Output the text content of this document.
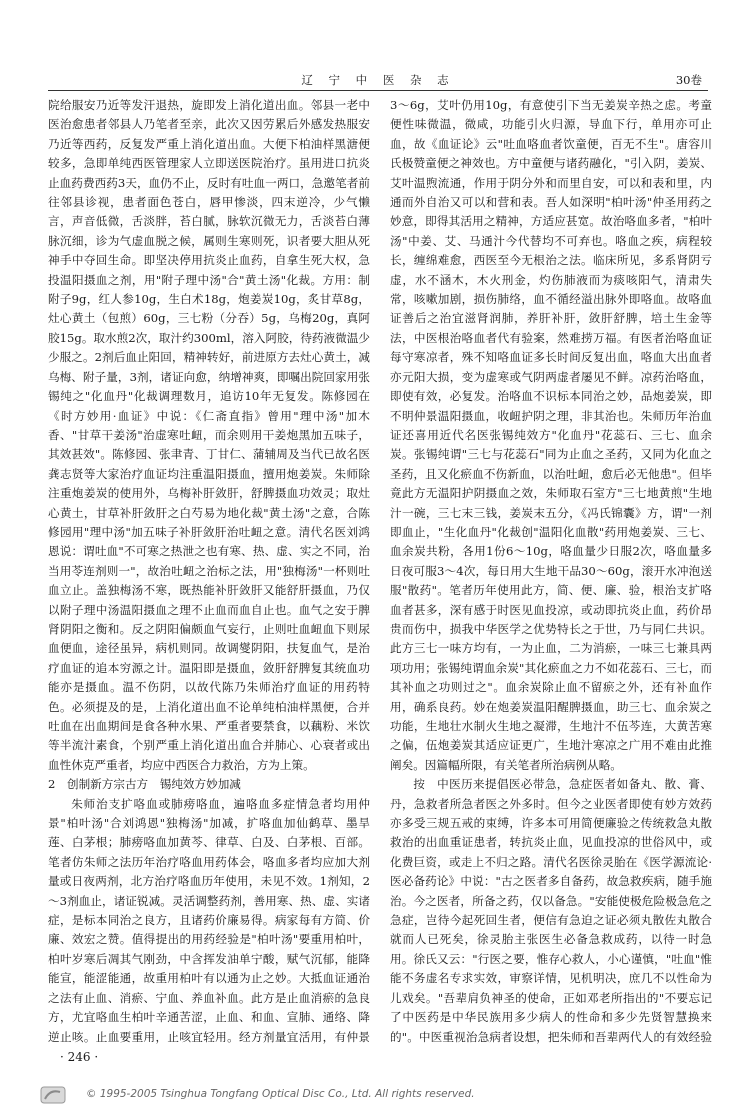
辽 宁 中 医 杂 志	30卷

院给服安乃近等发汗退热，旋即发上消化道出血。邻县一老中医治愈患者邻县人乃笔者至亲，此次又因劳累后外感发热服安乃近等西药，反复发严重上消化道出血。大便下柏油样黑溏便较多，急即单纯西医管理家人立即送医院治疗。虽用进口抗炎止血药费西药3天，血仍不止，反时有吐血一两口，急邀笔者前往邻县诊视，患者面色苍白，唇甲惨淡，四末逆冷，少气懒言，声音低微，舌淡胖，苔白腻，脉软沉微无力，舌淡苔白薄脉沉细，诊为气虚血脱之候，属则生寒则死，识者要大胆从死神手中夺回生命。即坚决停用抗炎止血药，自拿生死大权，急投温阳摄血之剂，用"附子理中汤"合"黄土汤"化裁。方用：制附子9g，红人参10g，生白术18g，炮姜炭10g，炙甘草8g，灶心黄土（包煎）60g，三七粉（分吞）5g，乌梅20g，真阿胶15g。取水煎2次，取汁约300ml，溶入阿胶，待药液微温少少服之。2剂后血止阳回，精神转好，前进原方去灶心黄土，减乌梅、附子量，3剂，诸证向愈，纳增神爽，即嘱出院回家用张锡纯之"化血丹"化裁调理数月，追访10年无复发。陈修园在《时方妙用·血证》中说：《仁斋直指》曾用"理中汤"加木香、"甘草干姜汤"治虚寒吐衄，而余则用干姜炮黑加五味子，其效甚效"。陈修园、张聿青、丁甘仁、蒲辅周及当代已故名医龚志贤等大家治疗血证均注重温阳摄血，擅用炮姜炭。朱师除注重炮姜炭的使用外，乌梅补肝敛肝，舒脾摄血功效灵；取灶心黄土，甘草补肝敛肝之白芍易为地化裁"黄土汤"之意，合陈修园用"理中汤"加五味子补肝敛肝治吐衄之意。清代名医刘鸿恩说：谓吐血"不可寒之热泄之也有寒、热、虚、实之不同，治当用苓连剂则一"，故治吐衄之治标之法，用"独梅汤"一杯则吐血立止。盖独梅汤不寒，既热能补肝敛肝又能舒肝摄血，乃仅以附子理中汤温阳摄血之理不止血而血自止也。血气之安于脾肾阴阳之衡和。反之阴阳偏颇血气妄行，止则吐血衄血下则尿血便血，途径虽异，病机则同。故调燮阴阳，扶复血气，是治疗血证的追本穷源之计。温阳即是摄血，敛肝舒脾复其统血功能亦是摄血。温不伤阴，以故代陈乃朱师治疗血证的用药特色。必须提及的是，上消化道出血不论单纯柏油样黑便，合并吐血在出血期间是食各种水果、严重者要禁食，以藕粉、米饮等半流汁素食，个别严重上消化道出血合并肺心、心衰者或出血性休克严重者，均应中西医合力救治，方为上策。

2　创制新方宗古方　锡纯效方妙加减

朱师治支扩咯血或肺痨咯血，遍咯血多症情急者均用仲景"柏叶汤"合刘鸿恩"独梅汤"加减，扩咯血加仙鹤草、墨旱莲、白茅根；肺痨咯血加黄芩、律草、白及、白茅根、百部。笔者仿朱师之法历年治疗咯血用药体会，咯血多者均应加大剂量或日夜两剂，北方治疗咯血历年使用，未见不效。1剂知，2～3剂血止，诸证锐减。灵活调整药剂，善用寒、热、虚、实诸症，是标本同治之良方，且诸药价廉易得。病家每有方简、价廉、效宏之赞。值得提出的用药经验是"柏叶汤"要重用柏叶，柏叶岁寒后凋其气刚劲，中含挥发油单宁酸，赋气沉郁，能降能宣，能涩能通，故重用柏叶有以通为止之妙。大抵血证通治之法有止血、消瘀、宁血、养血补血。此方是止血消瘀的急良方，尤宜咯血生柏叶辛通苦涩，止血、和血、宣肺、通络、降逆止咳。止血要重用，止咳宜轻用。经方剂量宜活用，有仲景

3～6g，艾叶仍用10g，有意使引下当无姜炭辛热之虑。考童便性味微温，微咸，功能引火归源，导血下行，单用亦可止血，故《血证论》云"吐血咯血者饮童便，百无不生"。唐容川氏极赞童便之神效也。方中童便与诸药融化，"引入阴，姜炭、艾叶温煦流通，作用于阴分外和而里自安，可以和表和里，内通而外自治又可以和营和表。吾人如深明"柏叶汤"仲圣用药之妙意，即得其活用之精神，方适应甚宽。故治咯血多者，"柏叶汤"中姜、艾、马通汁今代替均不可弃也。咯血之疾，病程较长，缠绵难愈，西医至今无根治之法。临床所见，多系肾阴亏虚，水不涵木，木火刑金，灼伤肺液而为痰咳阳气，清肃失常，咳嗽加剧，损伤肺络，血不循经溢出脉外即咯血。故咯血证善后之治宜滋肾润肺，养肝补肝，敛肝舒脾，培土生金等法，中医根治咯血者代有验案，然难捞万福。有医者治咯血证每守寒凉者，殊不知咯血证多长时间反复出血，咯血大出血者亦元阳大损，变为虚寒或气阴两虚者屡见不鲜。凉药治咯血，即使有效，必复发。治咯血不识标本同治之妙，品炮姜炭，即不明仲景温阳摄血，收衄护阴之理，非其治也。朱师历年治血证还喜用近代名医张锡纯效方"化血丹"花蕊石、三七、血余炭。张锡纯谓"三七与花蕊石"同为止血之圣药，又同为化血之圣药，且又化瘀血不伤新血，以治吐衄，愈后必无他患"。但毕竟此方无温阳护阴摄血之效，朱师取石室方"三七地黄煎"生地汁一碗，三七末三钱，姜炭末五分，《冯氏锦囊》方，谓"一剂即血止，"生化血丹"化裁创"温阳化血散"药用炮姜炭、三七、血余炭共粉，各用1份6～10g，咯血量少日服2次，咯血量多日夜可服3～4次，每日用大生地干品30～60g，滚开水冲泡送服"散药"。笔者历年使用此方，简、便、廉、验，根治支扩咯血者甚多，深有感于时医见血投凉，或动即抗炎止血，药价昂贵而伤中，损我中华医学之优势特长之于世，乃与同仁共识。此方三七一味方均有，一为止血，二为消瘀，一味三七兼具两项功用；张锡纯谓血余炭"其化瘀血之力不如花蕊石、三七，而其补血之功则过之"。血余炭除止血不留瘀之外，还有补血作用，确系良药。妙在炮姜炭温阳醒脾摄血，助三七、血余炭之功能，生地壮水制火生地之凝滞，生地汁不伍芩连，大黄苦寒之偏，伍炮姜炭其适应证更广，生地汁寒凉之广用不难由此推阐矣。因篇幅所限，有关笔者所治病例从略。

按　中医历来提倡医必带急，急症医者如备丸、散、膏、丹，急救者所急者医之外多时。但今之业医者即使有妙方效药亦多受三规五戒的束缚，许多本可用简便廉验之传统救急丸散救治的出血重证患者，转抗炎止血，见血投凉的世俗风中，或化费巨资，或走上不归之路。清代名医徐灵胎在《医学源流论·医必备药论》中说："古之医者多自备药，故急救疾病，随手施治。今之医者，所备之药，仅以备急。"安能使极危险极急危之急症，岂待今起死回生者，便信有急迫之证必须丸散佐丸散合就而人已死矣，徐灵胎主张医生必备急救成药，以待一时急用。徐氏又云："行医之要，惟存心救人，小心谨慎，"吐血"惟能不务虚名专求实效，审察详情，见机明决，庶几不以性命为儿戏矣。"吾辈肩负神圣的使命，正如邓老所指出的"不要忘记了中医药是中华民族用多少病人的性命和多少先贤智慧换来的"。中医重视治急病者设想，把朱师和吾辈两代人的有效经验

· 246 ·
© 1995-2005 Tsinghua Tongfang Optical Disc Co., Ltd. All rights reserved.
